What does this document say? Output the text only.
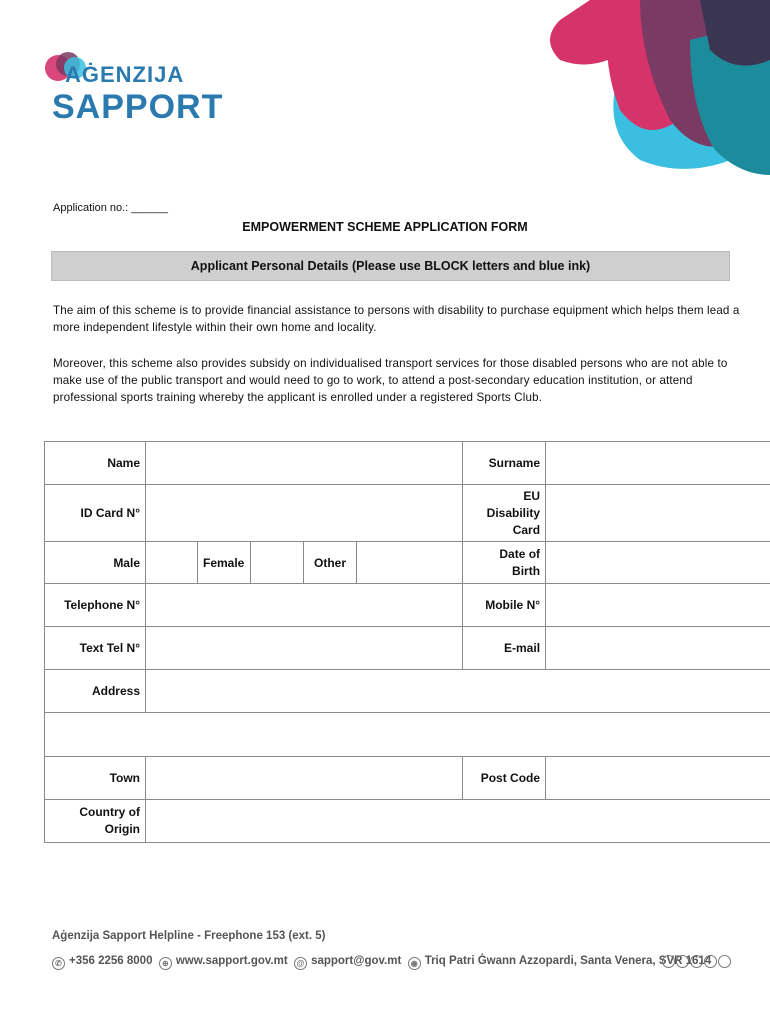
AĠENZIJA
SAPPORT
Application no.: ______
EMPOWERMENT SCHEME APPLICATION FORM
Applicant Personal Details (Please use BLOCK letters and blue ink)
The aim of this scheme is to provide financial assistance to persons with disability to purchase equipment which helps them lead a more independent lifestyle within their own home and locality.
Moreover, this scheme also provides subsidy on individualised transport services for those disabled persons who are not able to make use of the public transport and would need to go to work, to attend a post-secondary education institution, or attend professional sports training whereby the applicant is enrolled under a registered Sports Club.
Name						Surname	
ID Card N°						EU
Disability
Card	
Male		Female		Other		Date of
Birth	
Telephone N°						Mobile N°	
Text Tel N°						E-mail	
Address							

Town						Post Code	
Country of
Origin							
Aġenzija Sapport Helpline - Freephone 153 (ext. 5)
✆ +356 2256 8000 ⊕ www.sapport.gov.mt @ sapport@gov.mt ◉ Triq Patri Ġwann Azzopardi, Santa Venera, SVR 1614
